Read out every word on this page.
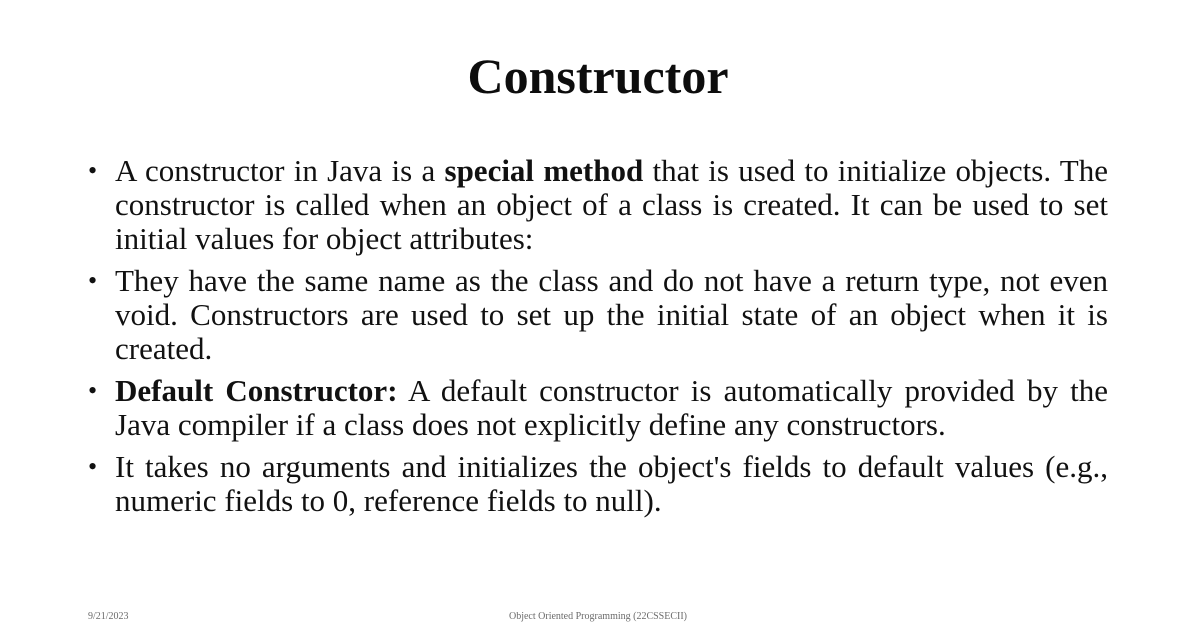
Constructor
• A constructor in Java is a special method that is used to initialize objects. The constructor is called when an object of a class is created. It can be used to set initial values for object attributes:
• They have the same name as the class and do not have a return type, not even void. Constructors are used to set up the initial state of an object when it is created.
• Default Constructor: A default constructor is automatically provided by the Java compiler if a class does not explicitly define any constructors.
• It takes no arguments and initializes the object's fields to default values (e.g., numeric fields to 0, reference fields to null).
9/21/2023	Object Oriented Programming (22CSSECII)
